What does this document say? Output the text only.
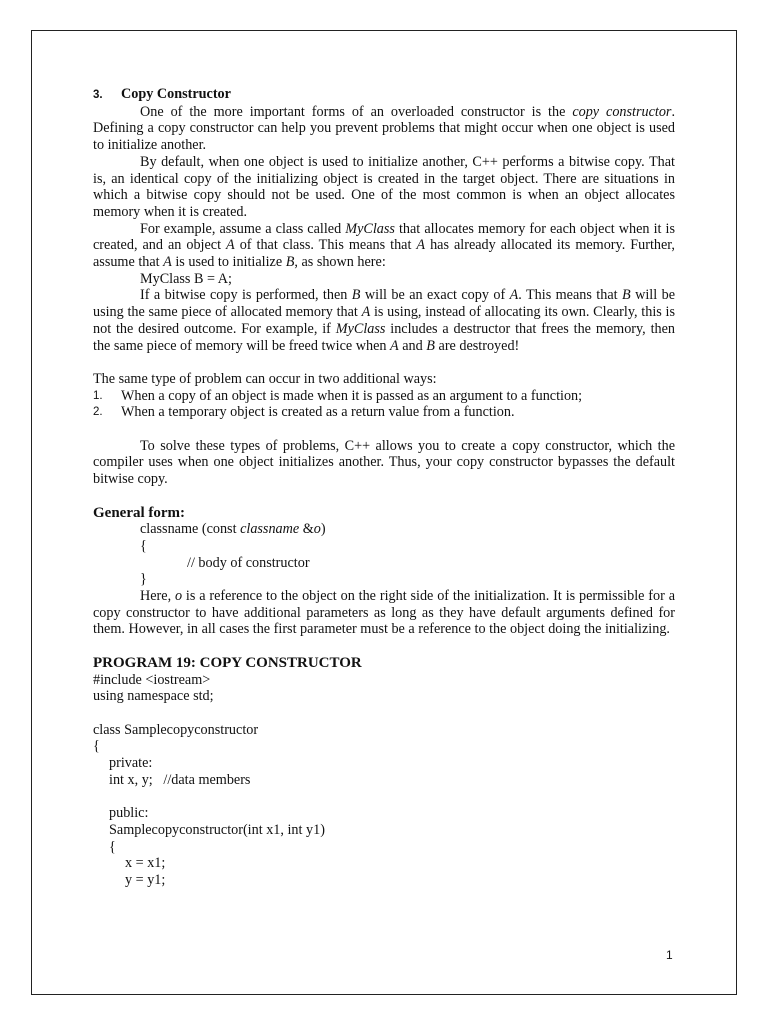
3.	Copy Constructor

One of the more important forms of an overloaded constructor is the copy constructor. Defining a copy constructor can help you prevent problems that might occur when one object is used to initialize another.

By default, when one object is used to initialize another, C++ performs a bitwise copy. That is, an identical copy of the initializing object is created in the target object. There are situations in which a bitwise copy should not be used. One of the most common is when an object allocates memory when it is created.

For example, assume a class called MyClass that allocates memory for each object when it is created, and an object A of that class. This means that A has already allocated its memory. Further, assume that A is used to initialize B, as shown here:

MyClass B = A;

If a bitwise copy is performed, then B will be an exact copy of A. This means that B will be using the same piece of allocated memory that A is using, instead of allocating its own. Clearly, this is not the desired outcome. For example, if MyClass includes a destructor that frees the memory, then the same piece of memory will be freed twice when A and B are destroyed!

The same type of problem can occur in two additional ways:

1.	When a copy of an object is made when it is passed as an argument to a function;
2.	When a temporary object is created as a return value from a function.

To solve these types of problems, C++ allows you to create a copy constructor, which the compiler uses when one object initializes another. Thus, your copy constructor bypasses the default bitwise copy.

General form:
classname (const classname &o)
{
// body of constructor
}

Here, o is a reference to the object on the right side of the initialization. It is permissible for a copy constructor to have additional parameters as long as they have default arguments defined for them. However, in all cases the first parameter must be a reference to the object doing the initializing.

PROGRAM 19: COPY CONSTRUCTOR
#include <iostream>
using namespace std;
class Samplecopyconstructor
{
private:
int x, y;   //data members
public:
Samplecopyconstructor(int x1, int y1)
{
x = x1;
y = y1;
1
